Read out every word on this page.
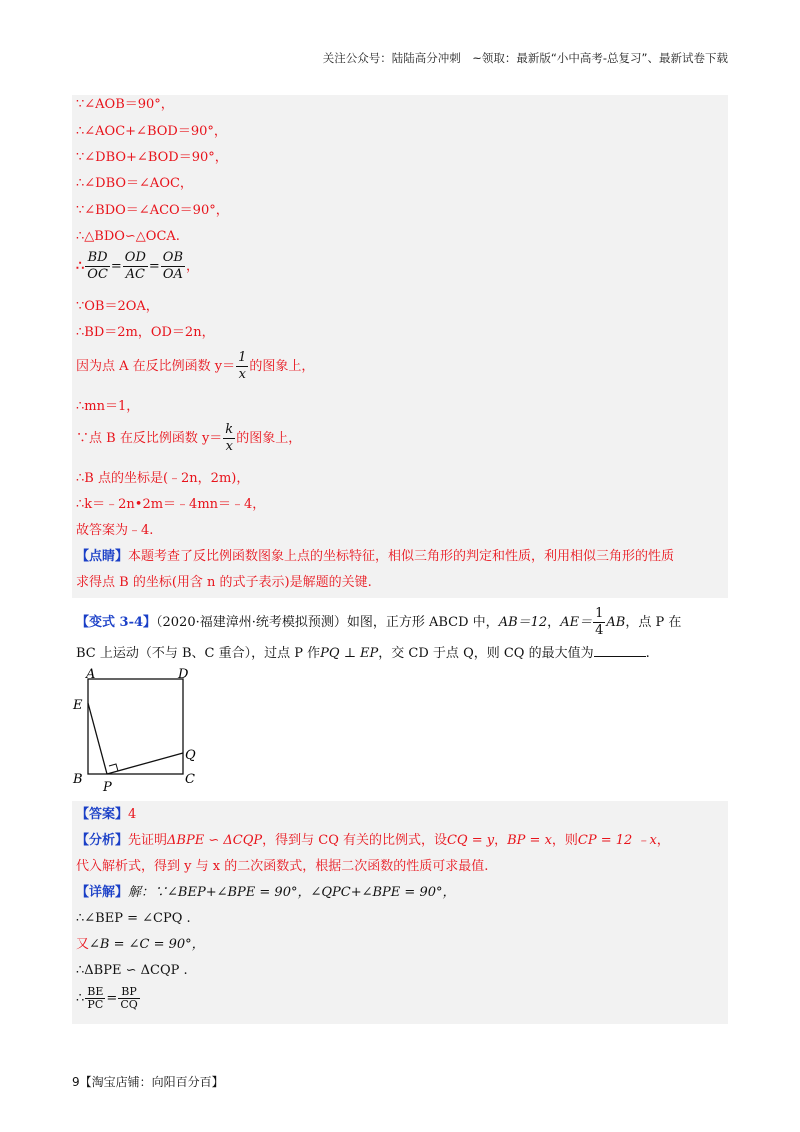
关注公众号：陆陆高分冲刺　~领取：最新版“小中高考-总复习”、最新试卷下载
∵∠AOB＝90°，
∴∠AOC+∠BOD＝90°，
∵∠DBO+∠BOD＝90°，
∴∠DBO＝∠AOC，
∵∠BDO＝∠ACO＝90°，
∴△BDO∽△OCA.
∴ $\frac{BD}{OC} = \frac{OD}{AC} = \frac{OB}{OA}$ ，
∵OB＝2OA，
∴BD＝2m，OD＝2n，
因为点 A 在反比例函数 $y= \frac{1}{x}$ 的图象上，
∴mn＝1，
∵点 B 在反比例函数 $y= \frac{k}{x}$ 的图象上，
∴B 点的坐标是(﹣2n，2m)，
∴k＝﹣2n•2m＝﹣4mn＝﹣4，
故答案为﹣4.
【点睛】本题考查了反比例函数图象上点的坐标特征，相似三角形的判定和性质，利用相似三角形的性质
求得点 B 的坐标(用含 n 的式子表示)是解题的关键.
【变式 3-4】（2020·福建漳州·统考模拟预测）如图，正方形 ABCD 中，AB＝12，$AE= \frac{1}{4}$ AB，点 P 在
BC 上运动（不与 B、C 重合），过点 P 作PQ ⊥ EP，交 CD 于点 Q，则 CQ 的最大值为	.
A	D
E
Q
B
P
C
【答案】4
【分析】先证明ΔBPE ∽ ΔCQP，得到与 CQ 有关的比例式，设CQ = y，BP = x，则CP = 12 ﹣x，
代入解析式，得到 y 与 x 的二次函数式，根据二次函数的性质可求最值.
【详解】解：∵∠BEP+∠BPE = 90°，∠QPC+∠BPE = 90°，
∴∠BEP = ∠CPQ .
又∠B = ∠C = 90°，
∴ΔBPE ∽ ΔCQP .
∴ $\frac{BE}{PC} = \frac{BP}{CQ}$
9【淘宝店铺：向阳百分百】
